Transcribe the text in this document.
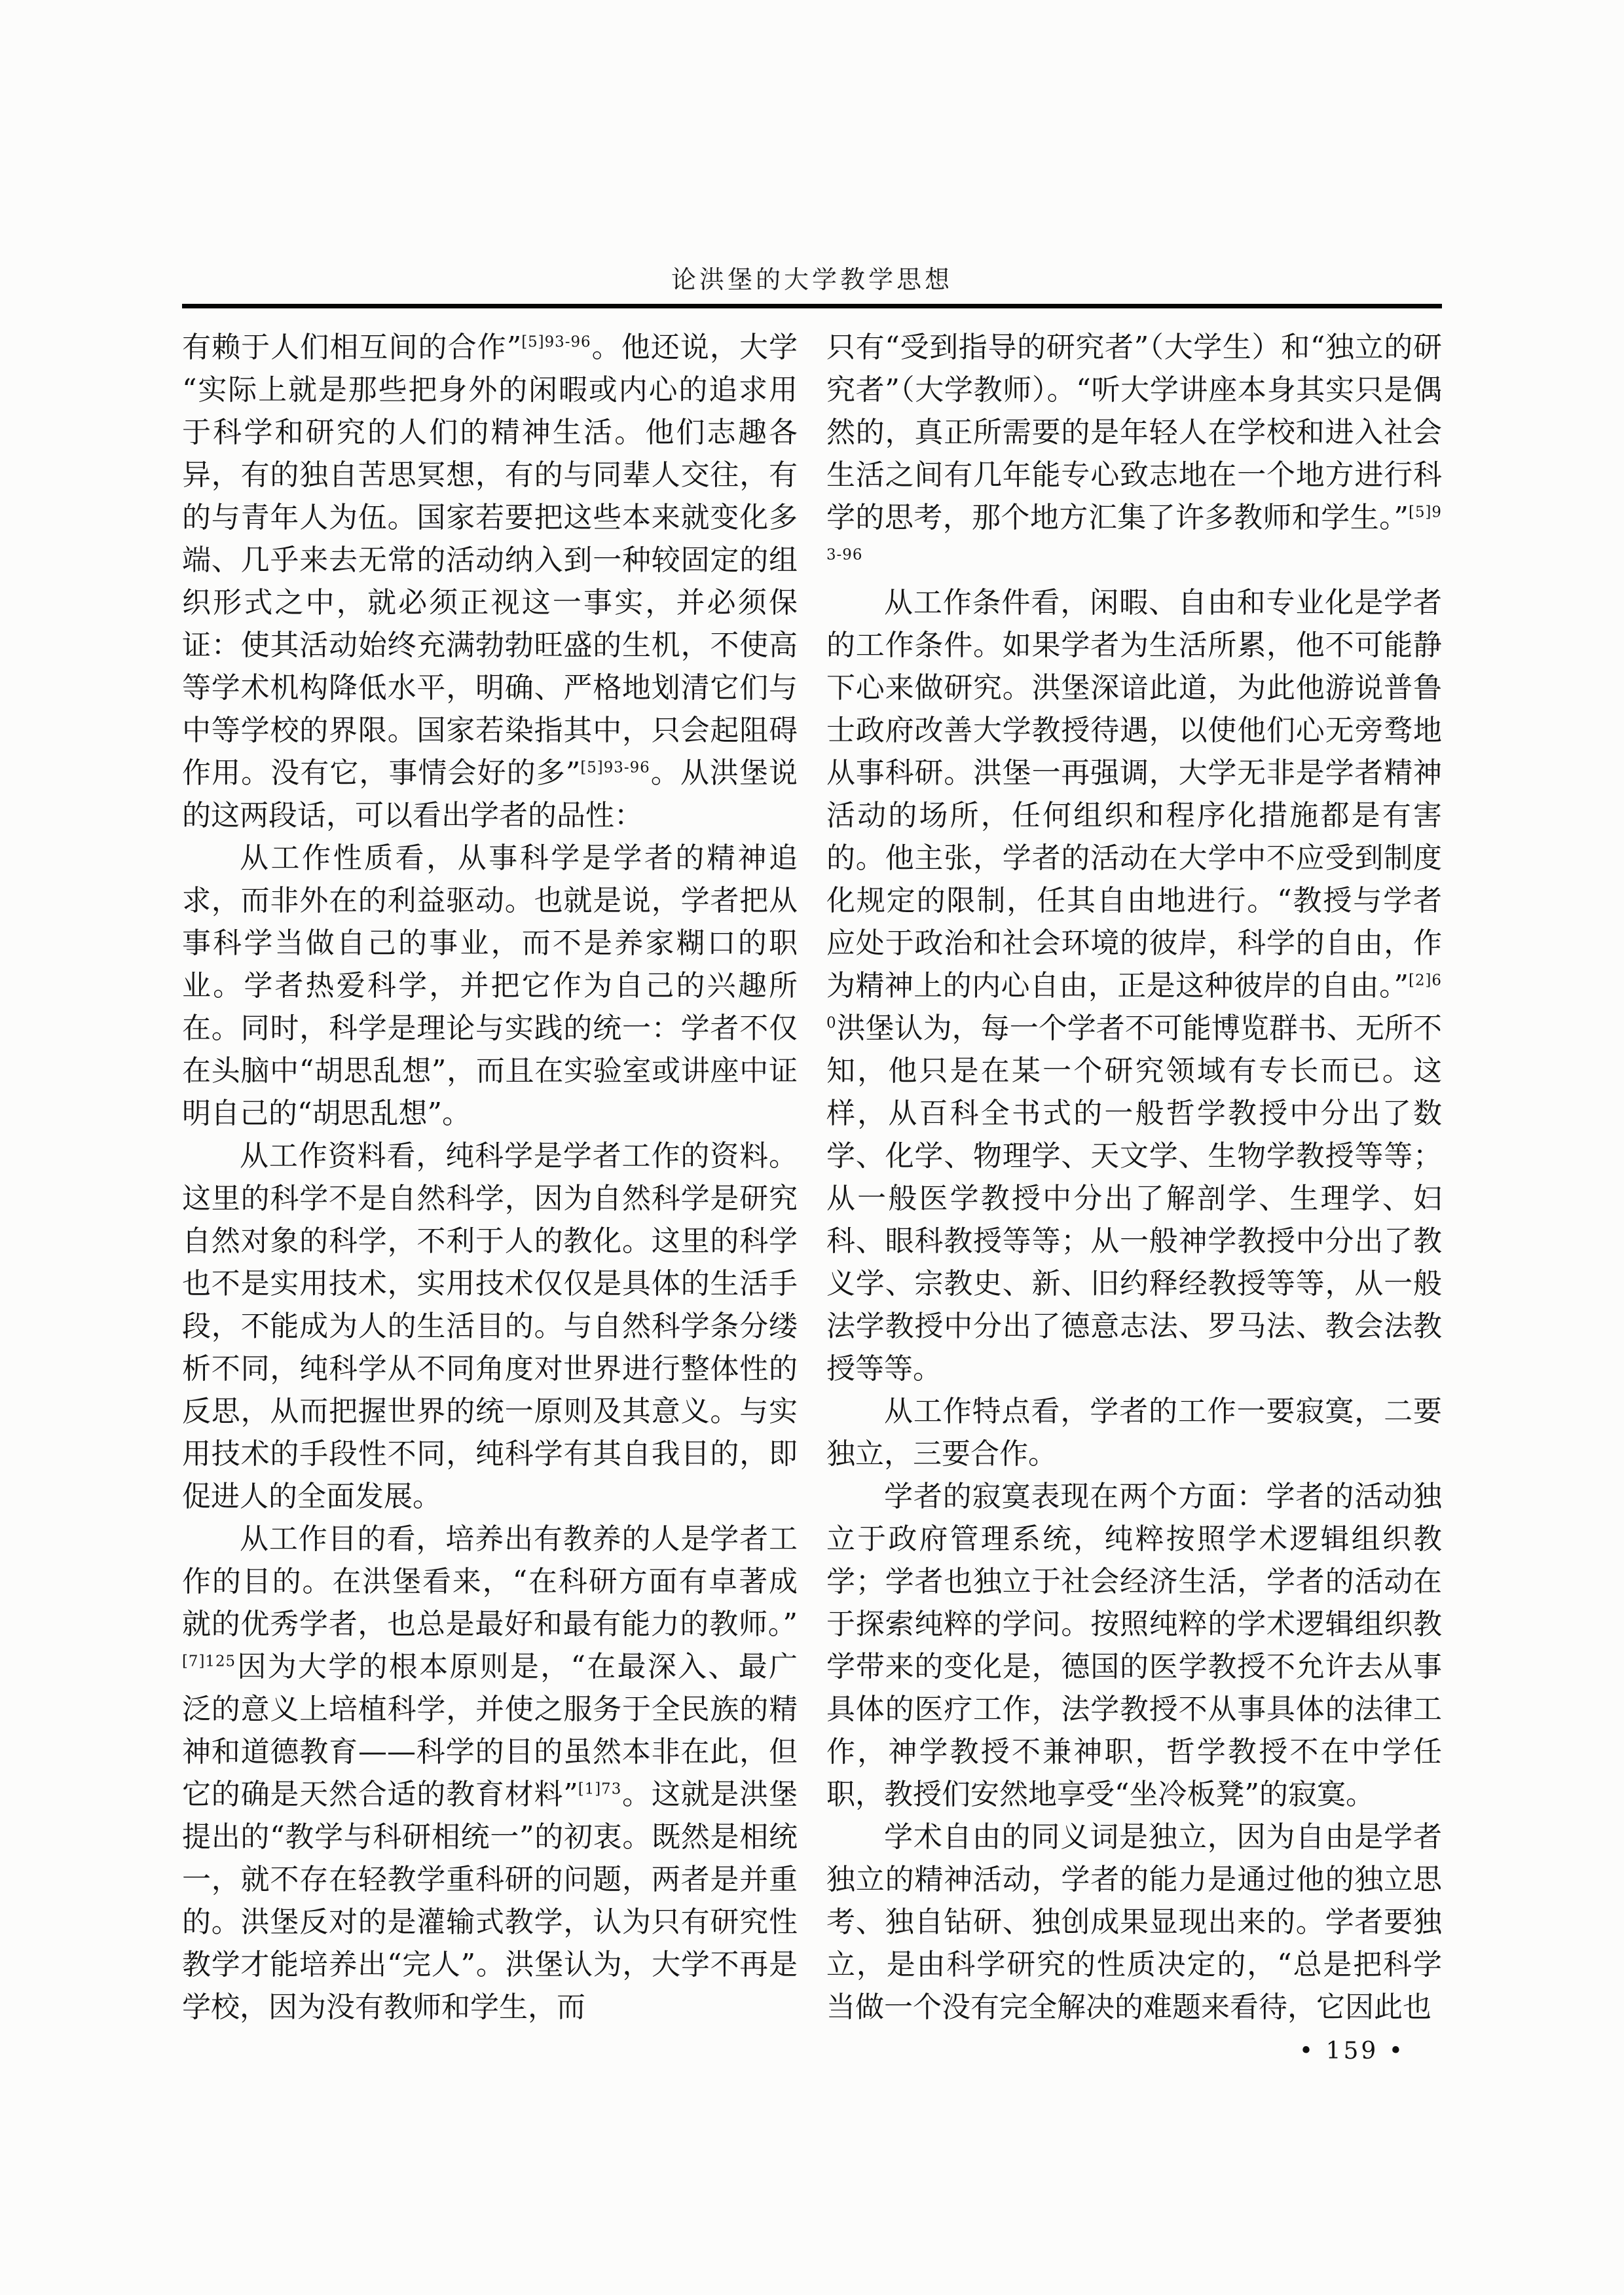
论洪堡的大学教学思想

有赖于人们相互间的合作”$^{[5]93-96}$。他还说，大学“实际上就是那些把身外的闲暇或内心的追求用于科学和研究的人们的精神生活。他们志趣各异，有的独自苦思冥想，有的与同辈人交往，有的与青年人为伍。国家若要把这些本来就变化多端、几乎来去无常的活动纳入到一种较固定的组织形式之中，就必须正视这一事实，并必须保证：使其活动始终充满勃勃旺盛的生机，不使高等学术机构降低水平，明确、严格地划清它们与中等学校的界限。国家若染指其中，只会起阻碍作用。没有它，事情会好的多”$^{[5]93-96}$。从洪堡说的这两段话，可以看出学者的品性：

从工作性质看，从事科学是学者的精神追求，而非外在的利益驱动。也就是说，学者把从事科学当做自己的事业，而不是养家糊口的职业。学者热爱科学，并把它作为自己的兴趣所在。同时，科学是理论与实践的统一：学者不仅在头脑中“胡思乱想”，而且在实验室或讲座中证明自己的“胡思乱想”。

从工作资料看，纯科学是学者工作的资料。这里的科学不是自然科学，因为自然科学是研究自然对象的科学，不利于人的教化。这里的科学也不是实用技术，实用技术仅仅是具体的生活手段，不能成为人的生活目的。与自然科学条分缕析不同，纯科学从不同角度对世界进行整体性的反思，从而把握世界的统一原则及其意义。与实用技术的手段性不同，纯科学有其自我目的，即促进人的全面发展。

从工作目的看，培养出有教养的人是学者工作的目的。在洪堡看来，“在科研方面有卓著成就的优秀学者，也总是最好和最有能力的教师。”$^{[7]125}$因为大学的根本原则是，“在最深入、最广泛的意义上培植科学，并使之服务于全民族的精神和道德教育——科学的目的虽然本非在此，但它的确是天然合适的教育材料”$^{[1]73}$。这就是洪堡提出的“教学与科研相统一”的初衷。既然是相统一，就不存在轻教学重科研的问题，两者是并重的。洪堡反对的是灌输式教学，认为只有研究性教学才能培养出“完人”。洪堡认为，大学不再是学校，因为没有教师和学生，而

只有“受到指导的研究者”（大学生）和“独立的研究者”（大学教师）。“听大学讲座本身其实只是偶然的，真正所需要的是年轻人在学校和进入社会生活之间有几年能专心致志地在一个地方进行科学的思考，那个地方汇集了许多教师和学生。”$^{[5]93-96}$

从工作条件看，闲暇、自由和专业化是学者的工作条件。如果学者为生活所累，他不可能静下心来做研究。洪堡深谙此道，为此他游说普鲁士政府改善大学教授待遇，以使他们心无旁骛地从事科研。洪堡一再强调，大学无非是学者精神活动的场所，任何组织和程序化措施都是有害的。他主张，学者的活动在大学中不应受到制度化规定的限制，任其自由地进行。“教授与学者应处于政治和社会环境的彼岸，科学的自由，作为精神上的内心自由，正是这种彼岸的自由。”$^{[2]60}$洪堡认为，每一个学者不可能博览群书、无所不知，他只是在某一个研究领域有专长而已。这样，从百科全书式的一般哲学教授中分出了数学、化学、物理学、天文学、生物学教授等等；从一般医学教授中分出了解剖学、生理学、妇科、眼科教授等等；从一般神学教授中分出了教义学、宗教史、新、旧约释经教授等等，从一般法学教授中分出了德意志法、罗马法、教会法教授等等。

从工作特点看，学者的工作一要寂寞，二要独立，三要合作。

学者的寂寞表现在两个方面：学者的活动独立于政府管理系统，纯粹按照学术逻辑组织教学；学者也独立于社会经济生活，学者的活动在于探索纯粹的学问。按照纯粹的学术逻辑组织教学带来的变化是，德国的医学教授不允许去从事具体的医疗工作，法学教授不从事具体的法律工作，神学教授不兼神职，哲学教授不在中学任职，教授们安然地享受“坐冷板凳”的寂寞。

学术自由的同义词是独立，因为自由是学者独立的精神活动，学者的能力是通过他的独立思考、独自钻研、独创成果显现出来的。学者要独立，是由科学研究的性质决定的，“总是把科学当做一个没有完全解决的难题来看待，它因此也

• 159 •
